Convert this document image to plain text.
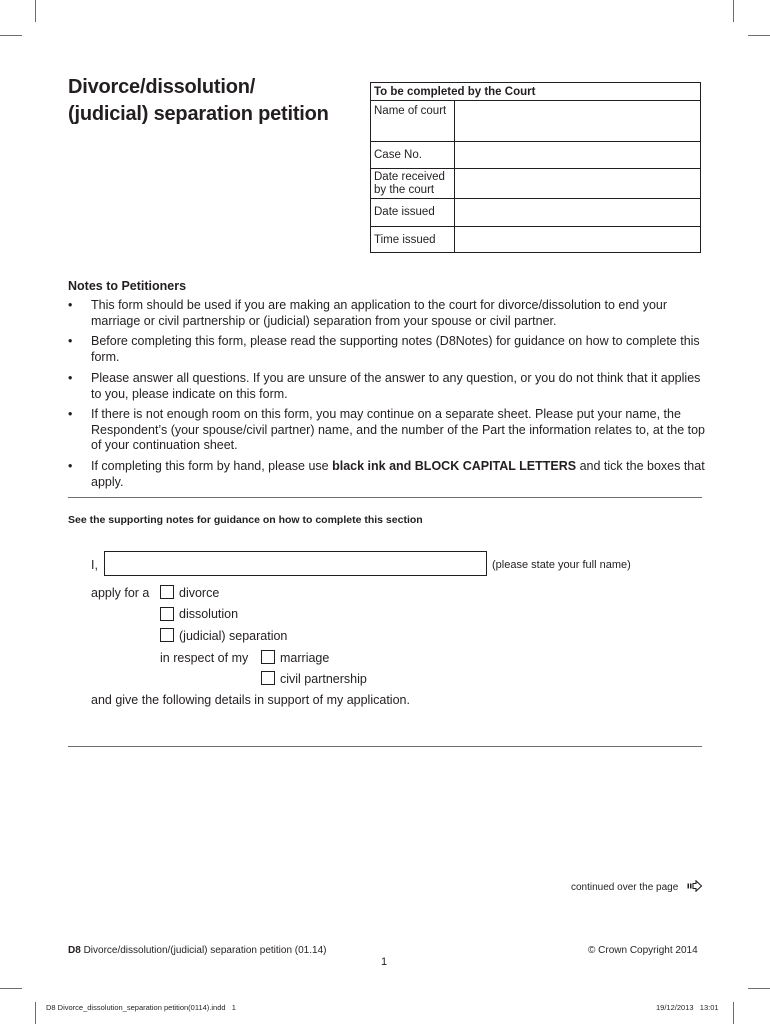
Divorce/dissolution/
(judicial) separation petition
To be completed by the Court
Name of court
Case No.
Date received
by the court
Date issued
Time issued
Notes to Petitioners
• This form should be used if you are making an application to the court for divorce/dissolution to end your marriage or civil partnership or (judicial) separation from your spouse or civil partner.
• Before completing this form, please read the supporting notes (D8Notes) for guidance on how to complete this form.
• Please answer all questions. If you are unsure of the answer to any question, or you do not think that it applies to you, please indicate on this form.
• If there is not enough room on this form, you may continue on a separate sheet. Please put your name, the Respondent’s (your spouse/civil partner) name, and the number of the Part the information relates to, at the top of your continuation sheet.
• If completing this form by hand, please use black ink and BLOCK CAPITAL LETTERS and tick the boxes that apply.
See the supporting notes for guidance on how to complete this section
I,	(please state your full name)
apply for a divorce
dissolution
(judicial) separation
in respect of my	marriage
civil partnership
and give the following details in support of my application.
continued over the page
D8 Divorce/dissolution/(judicial) separation petition (01.14)	© Crown Copyright 2014
1
D8 Divorce_dissolution_separation petition(0114).indd   1	19/12/2013   13:01
